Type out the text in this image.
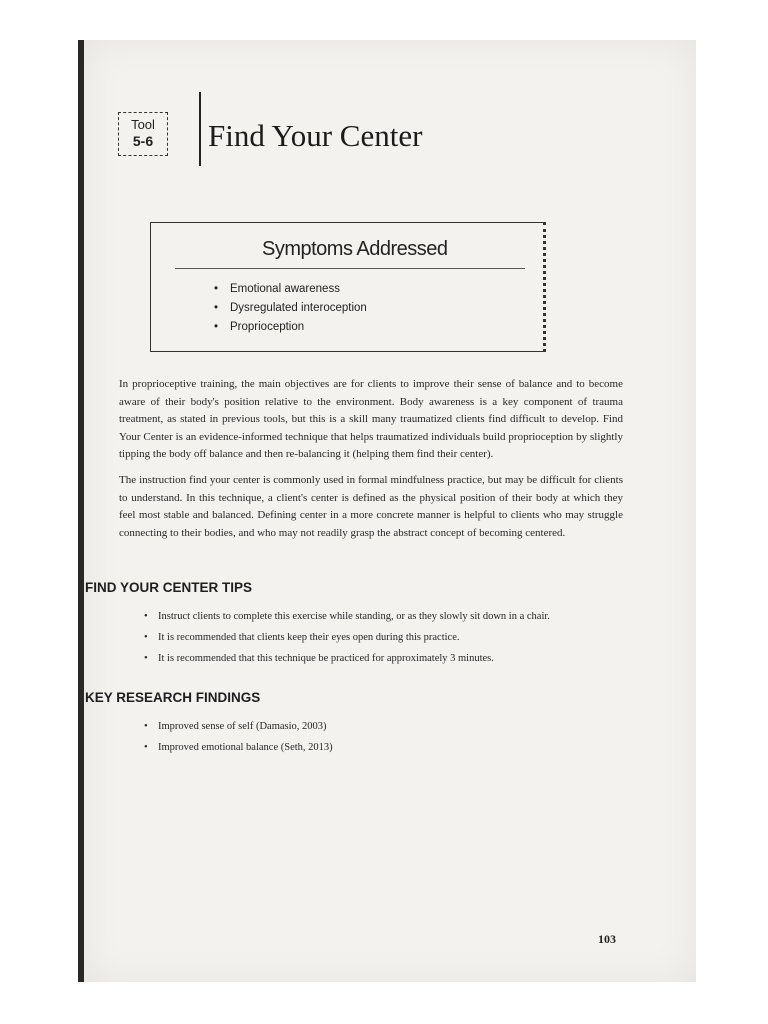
Tool
5-6	Find Your Center
Symptoms Addressed
• Emotional awareness
• Dysregulated interoception
• Proprioception

In proprioceptive training, the main objectives are for clients to improve their sense of balance and to become aware of their body's position relative to the environment. Body awareness is a key component of trauma treatment, as stated in previous tools, but this is a skill many traumatized clients find difficult to develop. Find Your Center is an evidence-informed technique that helps traumatized individuals build proprioception by slightly tipping the body off balance and then re-balancing it (helping them find their center).

The instruction find your center is commonly used in formal mindfulness practice, but may be difficult for clients to understand. In this technique, a client's center is defined as the physical position of their body at which they feel most stable and balanced. Defining center in a more concrete manner is helpful to clients who may struggle connecting to their bodies, and who may not readily grasp the abstract concept of becoming centered.

FIND YOUR CENTER TIPS
• Instruct clients to complete this exercise while standing, or as they slowly sit down in a chair.
• It is recommended that clients keep their eyes open during this practice.
• It is recommended that this technique be practiced for approximately 3 minutes.
KEY RESEARCH FINDINGS
• Improved sense of self (Damasio, 2003)
• Improved emotional balance (Seth, 2013)
103
